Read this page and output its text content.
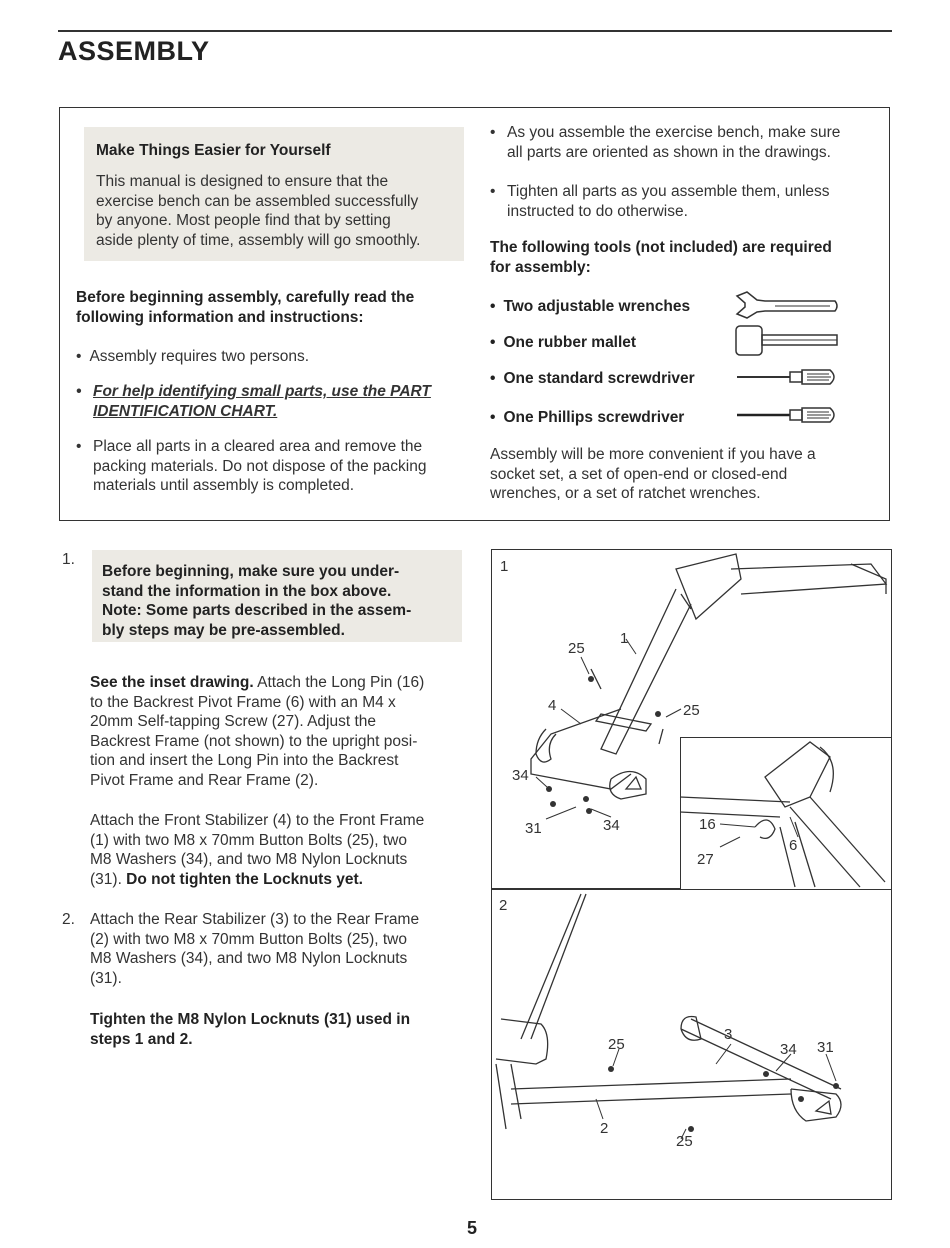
ASSEMBLY
Make Things Easier for Yourself
This manual is designed to ensure that the
exercise bench can be assembled successfully
by anyone. Most people find that by setting
aside plenty of time, assembly will go smoothly.
Before beginning assembly, carefully read the
following information and instructions:
• Assembly requires two persons.
• For help identifying small parts, use the PART
IDENTIFICATION CHART.
• Place all parts in a cleared area and remove the
packing materials. Do not dispose of the packing
materials until assembly is completed.
• As you assemble the exercise bench, make sure
all parts are oriented as shown in the drawings.
• Tighten all parts as you assemble them, unless
instructed to do otherwise.
The following tools (not included) are required
for assembly:
• Two adjustable wrenches
• One rubber mallet
• One standard screwdriver
• One Phillips screwdriver
Assembly will be more convenient if you have a
socket set, a set of open-end or closed-end
wrenches, or a set of ratchet wrenches.
1.
Before beginning, make sure you under-
stand the information in the box above.
Note: Some parts described in the assem-
bly steps may be pre-assembled.
See the inset drawing. Attach the Long Pin (16)
to the Backrest Pivot Frame (6) with an M4 x
20mm Self-tapping Screw (27). Adjust the
Backrest Frame (not shown) to the upright posi-
tion and insert the Long Pin into the Backrest
Pivot Frame and Rear Frame (2).
Attach the Front Stabilizer (4) to the Front Frame
(1) with two M8 x 70mm Button Bolts (25), two
M8 Washers (34), and two M8 Nylon Locknuts
(31). Do not tighten the Locknuts yet.
2. Attach the Rear Stabilizer (3) to the Rear Frame
(2) with two M8 x 70mm Button Bolts (25), two
M8 Washers (34), and two M8 Nylon Locknuts
(31).
Tighten the M8 Nylon Locknuts (31) used in
steps 1 and 2.
1
25
1
4	25
34
31	34	16
6
27
2
25
3
34 31
2
25
5
